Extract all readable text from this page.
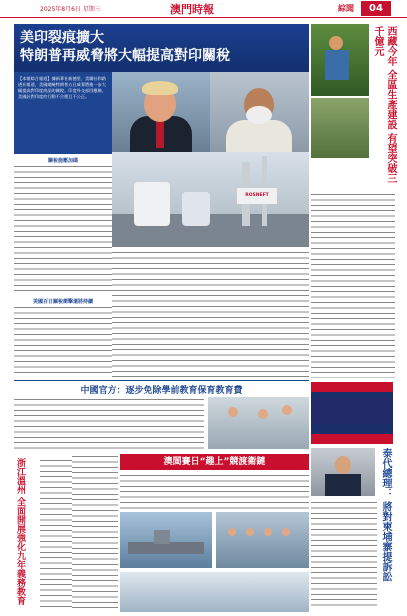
2025年8月6日 星期三	澳門時報	綜聞	04
美印裂痕擴大
特朗普再威脅將大幅提高對印關稅
【本報綜合報道】據新華社新德里、美聯社和路透社報道，美國總統特朗普五日威脅將進一步大幅提高對印度商品的關稅。印度外交部回應稱，美國針對印度的行動不合理且不公正。
關稅施壓加碼
美國百日關稅衝擊還將持續
ROSNEFT
西藏今年 全區生產建設 有望突破三千億元
中國官方：逐步免除學前教育保育教育費
泰代總理： 將對柬埔寨提訴訟
浙江溫州 全面開展強化九年義務教育
澳閩賽日“趣上”競渡衛鏈
